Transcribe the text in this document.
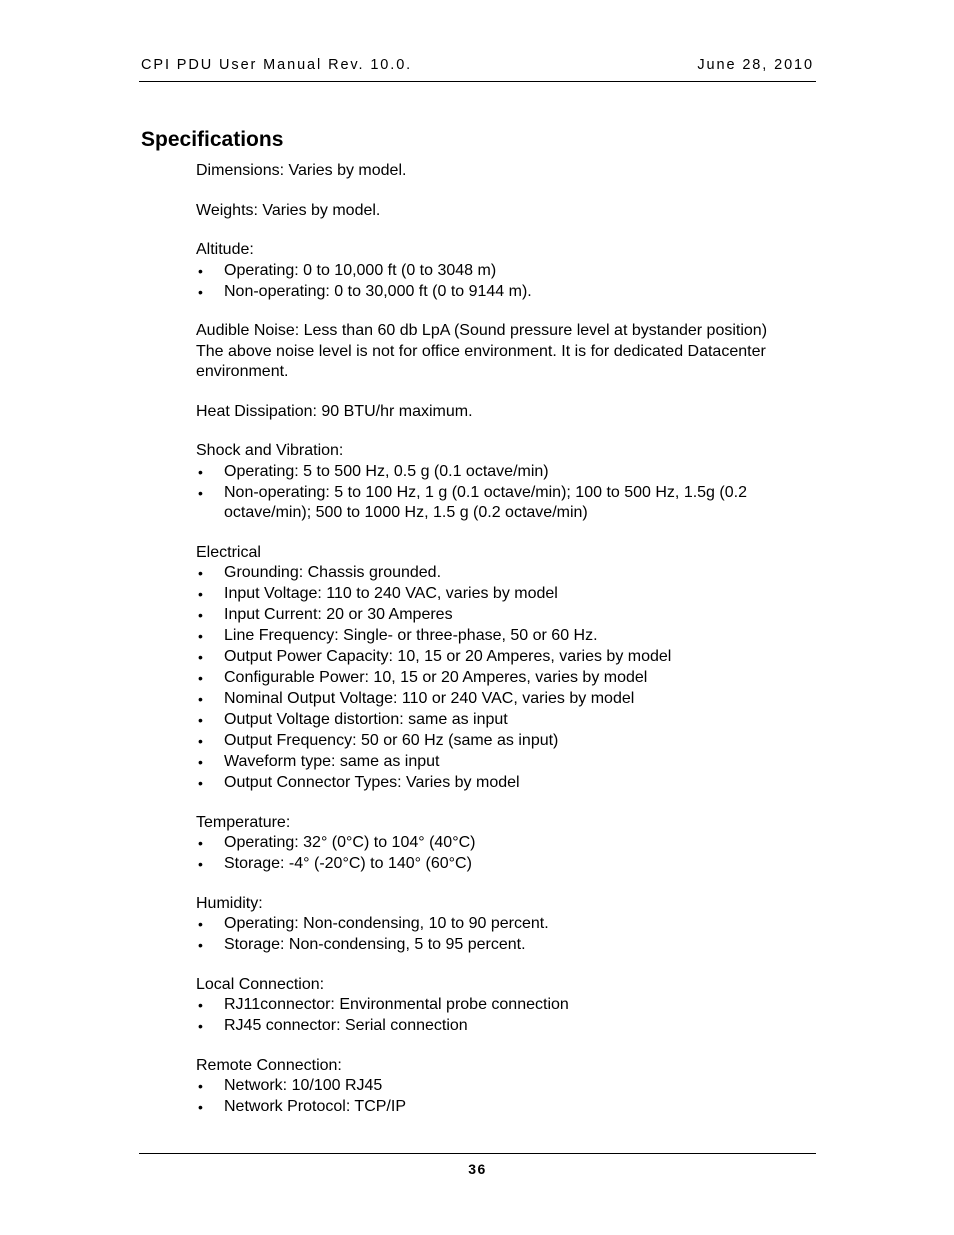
CPI PDU User Manual Rev. 10.0.	June 28, 2010
Specifications

Dimensions: Varies by model.

Weights: Varies by model.

Altitude:

• Operating: 0 to 10,000 ft (0 to 3048 m)
• Non-operating: 0 to 30,000 ft (0 to 9144 m).
Audible Noise: Less than 60 db LpA (Sound pressure level at bystander position)
The above noise level is not for office environment. It is for dedicated Datacenter environment.

Heat Dissipation: 90 BTU/hr maximum.

Shock and Vibration:

• Operating: 5 to 500 Hz, 0.5 g (0.1 octave/min)
• Non-operating: 5 to 100 Hz, 1 g (0.1 octave/min); 100 to 500 Hz, 1.5g (0.2 octave/min); 500 to 1000 Hz, 1.5 g (0.2 octave/min)

Electrical

• Grounding: Chassis grounded.
• Input Voltage: 110 to 240 VAC, varies by model
• Input Current: 20 or 30 Amperes
• Line Frequency: Single- or three-phase, 50 or 60 Hz.
• Output Power Capacity: 10, 15 or 20 Amperes, varies by model
• Configurable Power: 10, 15 or 20 Amperes, varies by model
• Nominal Output Voltage: 110 or 240 VAC, varies by model
• Output Voltage distortion: same as input
• Output Frequency: 50 or 60 Hz (same as input)
• Waveform type: same as input
• Output Connector Types: Varies by model

Temperature:

• Operating: 32° (0°C) to 104° (40°C)
• Storage: -4° (-20°C) to 140° (60°C)

Humidity:

• Operating: Non-condensing, 10 to 90 percent.
• Storage: Non-condensing, 5 to 95 percent.

Local Connection:

• RJ11connector: Environmental probe connection
• RJ45 connector: Serial connection

Remote Connection:

• Network: 10/100 RJ45
• Network Protocol: TCP/IP
36
